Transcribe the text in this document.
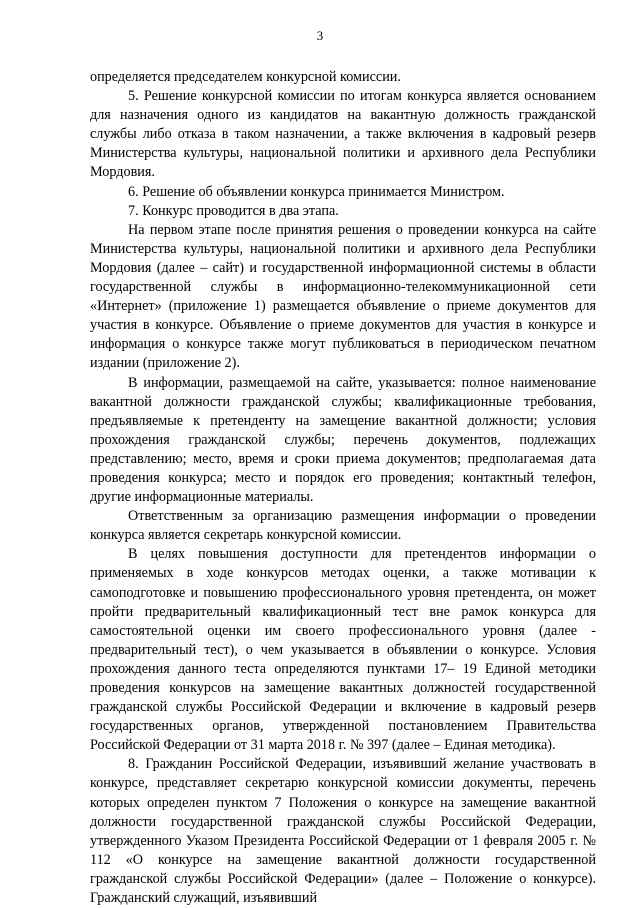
3

определяется председателем конкурсной комиссии.

5. Решение конкурсной комиссии по итогам конкурса является основанием для назначения одного из кандидатов на вакантную должность гражданской службы либо отказа в таком назначении, а также включения в кадровый резерв Министерства культуры, национальной политики и архивного дела Республики Мордовия.

6. Решение об объявлении конкурса принимается Министром.

7. Конкурс проводится в два этапа.

На первом этапе после принятия решения о проведении конкурса на сайте Министерства культуры, национальной политики и архивного дела Республики Мордовия (далее – сайт) и государственной информационной системы в области государственной службы в информационно-телекоммуникационной сети «Интернет» (приложение 1) размещается объявление о приеме документов для участия в конкурсе. Объявление о приеме документов для участия в конкурсе и информация о конкурсе также могут публиковаться в периодическом печатном издании (приложение 2).

В информации, размещаемой на сайте, указывается: полное наименование вакантной должности гражданской службы; квалификационные требования, предъявляемые к претенденту на замещение вакантной должности; условия прохождения гражданской службы; перечень документов, подлежащих представлению; место, время и сроки приема документов; предполагаемая дата проведения конкурса; место и порядок его проведения; контактный телефон, другие информационные материалы.

Ответственным за организацию размещения информации о проведении конкурса является секретарь конкурсной комиссии.

В целях повышения доступности для претендентов информации о применяемых в ходе конкурсов методах оценки, а также мотивации к самоподготовке и повышению профессионального уровня претендента, он может пройти предварительный квалификационный тест вне рамок конкурса для самостоятельной оценки им своего профессионального уровня (далее - предварительный тест), о чем указывается в объявлении о конкурсе. Условия прохождения данного теста определяются пунктами 17– 19 Единой методики проведения конкурсов на замещение вакантных должностей государственной гражданской службы Российской Федерации и включение в кадровый резерв государственных органов, утвержденной постановлением Правительства Российской Федерации от 31 марта 2018 г. № 397 (далее – Единая методика).

8. Гражданин Российской Федерации, изъявивший желание участвовать в конкурсе, представляет секретарю конкурсной комиссии документы, перечень которых определен пунктом 7 Положения о конкурсе на замещение вакантной должности государственной гражданской службы Российской Федерации, утвержденного Указом Президента Российской Федерации от 1 февраля 2005 г. № 112 «О конкурсе на замещение вакантной должности государственной гражданской службы Российской Федерации» (далее – Положение о конкурсе). Гражданский служащий, изъявивший
